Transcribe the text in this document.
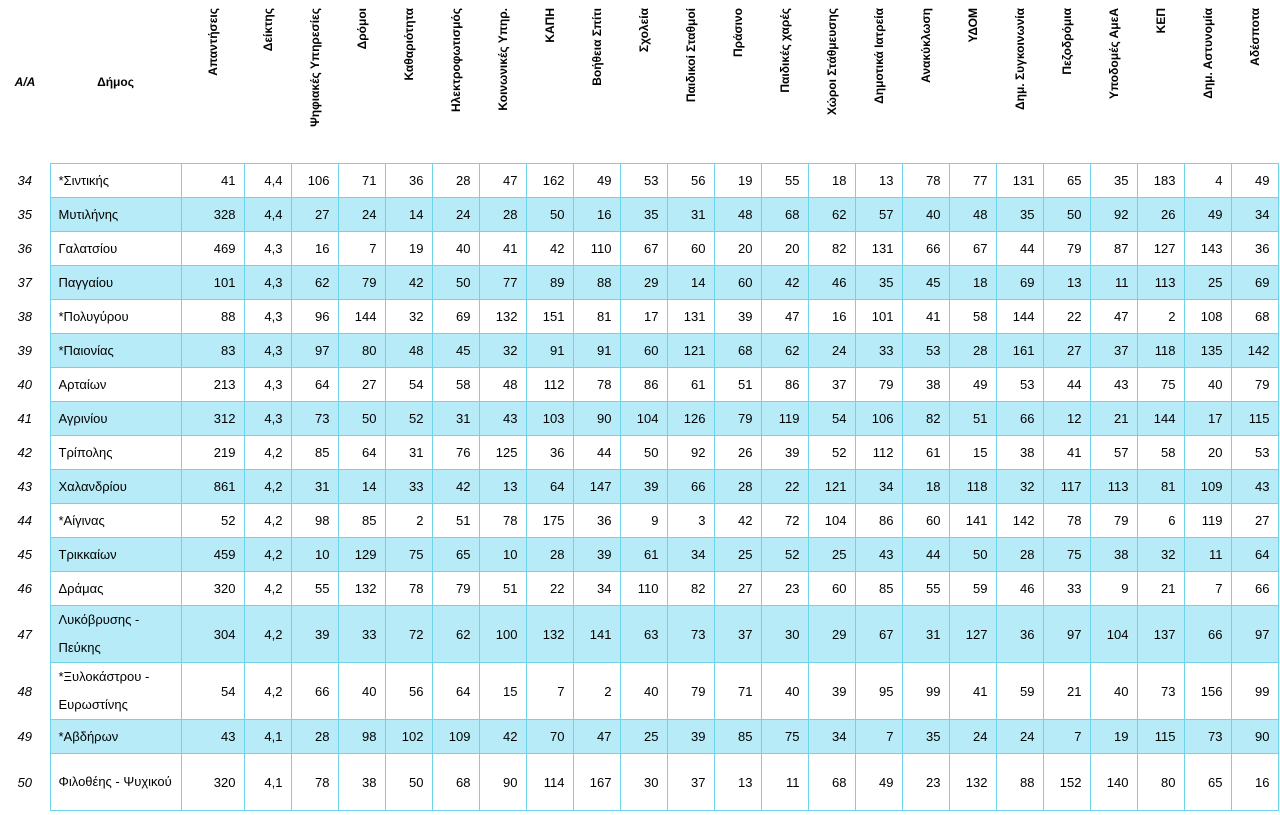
A/A	Δήμος	Απαντήσεις	Δείκτης	Ψηφιακές Υπηρεσίες	Δρόμοι	Καθαριότητα	Ηλεκτροφωτισμός	Κοινωνικές Υπηρ.	ΚΑΠΗ	Βοήθεια Σπίτι	Σχολεία	Παιδικοί Σταθμοί	Πράσινο	Παιδικές χαρές	Χώροι Στάθμευσης	Δημοτικά Ιατρεία	Ανακύκλωση	ΥΔΟΜ	Δημ. Συγκοινωνία	Πεζοδρόμια	Υποδομές ΑμεΑ	ΚΕΠ	Δημ. Αστυνομία	Αδέσποτα

34	*Σιντικής	41	4,4	106	71	36	28	47	162	49	53	56	19	55	18	13	78	77	131	65	35	183	4	49
35	Μυτιλήνης	328	4,4	27	24	14	24	28	50	16	35	31	48	68	62	57	40	48	35	50	92	26	49	34
36	Γαλατσίου	469	4,3	16	7	19	40	41	42	110	67	60	20	20	82	131	66	67	44	79	87	127	143	36
37	Παγγαίου	101	4,3	62	79	42	50	77	89	88	29	14	60	42	46	35	45	18	69	13	11	113	25	69
38	*Πολυγύρου	88	4,3	96	144	32	69	132	151	81	17	131	39	47	16	101	41	58	144	22	47	2	108	68
39	*Παιονίας	83	4,3	97	80	48	45	32	91	91	60	121	68	62	24	33	53	28	161	27	37	118	135	142
40	Αρταίων	213	4,3	64	27	54	58	48	112	78	86	61	51	86	37	79	38	49	53	44	43	75	40	79
41	Αγρινίου	312	4,3	73	50	52	31	43	103	90	104	126	79	119	54	106	82	51	66	12	21	144	17	115
42	Τρίπολης	219	4,2	85	64	31	76	125	36	44	50	92	26	39	52	112	61	15	38	41	57	58	20	53
43	Χαλανδρίου	861	4,2	31	14	33	42	13	64	147	39	66	28	22	121	34	18	118	32	117	113	81	109	43
44	*Αίγινας	52	4,2	98	85	2	51	78	175	36	9	3	42	72	104	86	60	141	142	78	79	6	119	27
45	Τρικκαίων	459	4,2	10	129	75	65	10	28	39	61	34	25	52	25	43	44	50	28	75	38	32	11	64
46	Δράμας	320	4,2	55	132	78	79	51	22	34	110	82	27	23	60	85	55	59	46	33	9	21	7	66
47	Λυκόβρυσης - Πεύκης	304	4,2	39	33	72	62	100	132	141	63	73	37	30	29	67	31	127	36	97	104	137	66	97
48	*Ξυλοκάστρου - Ευρωστίνης	54	4,2	66	40	56	64	15	7	2	40	79	71	40	39	95	99	41	59	21	40	73	156	99
49	*Αβδήρων	43	4,1	28	98	102	109	42	70	47	25	39	85	75	34	7	35	24	24	7	19	115	73	90
50	Φιλοθέης - Ψυχικού	320	4,1	78	38	50	68	90	114	167	30	37	13	11	68	49	23	132	88	152	140	80	65	16
